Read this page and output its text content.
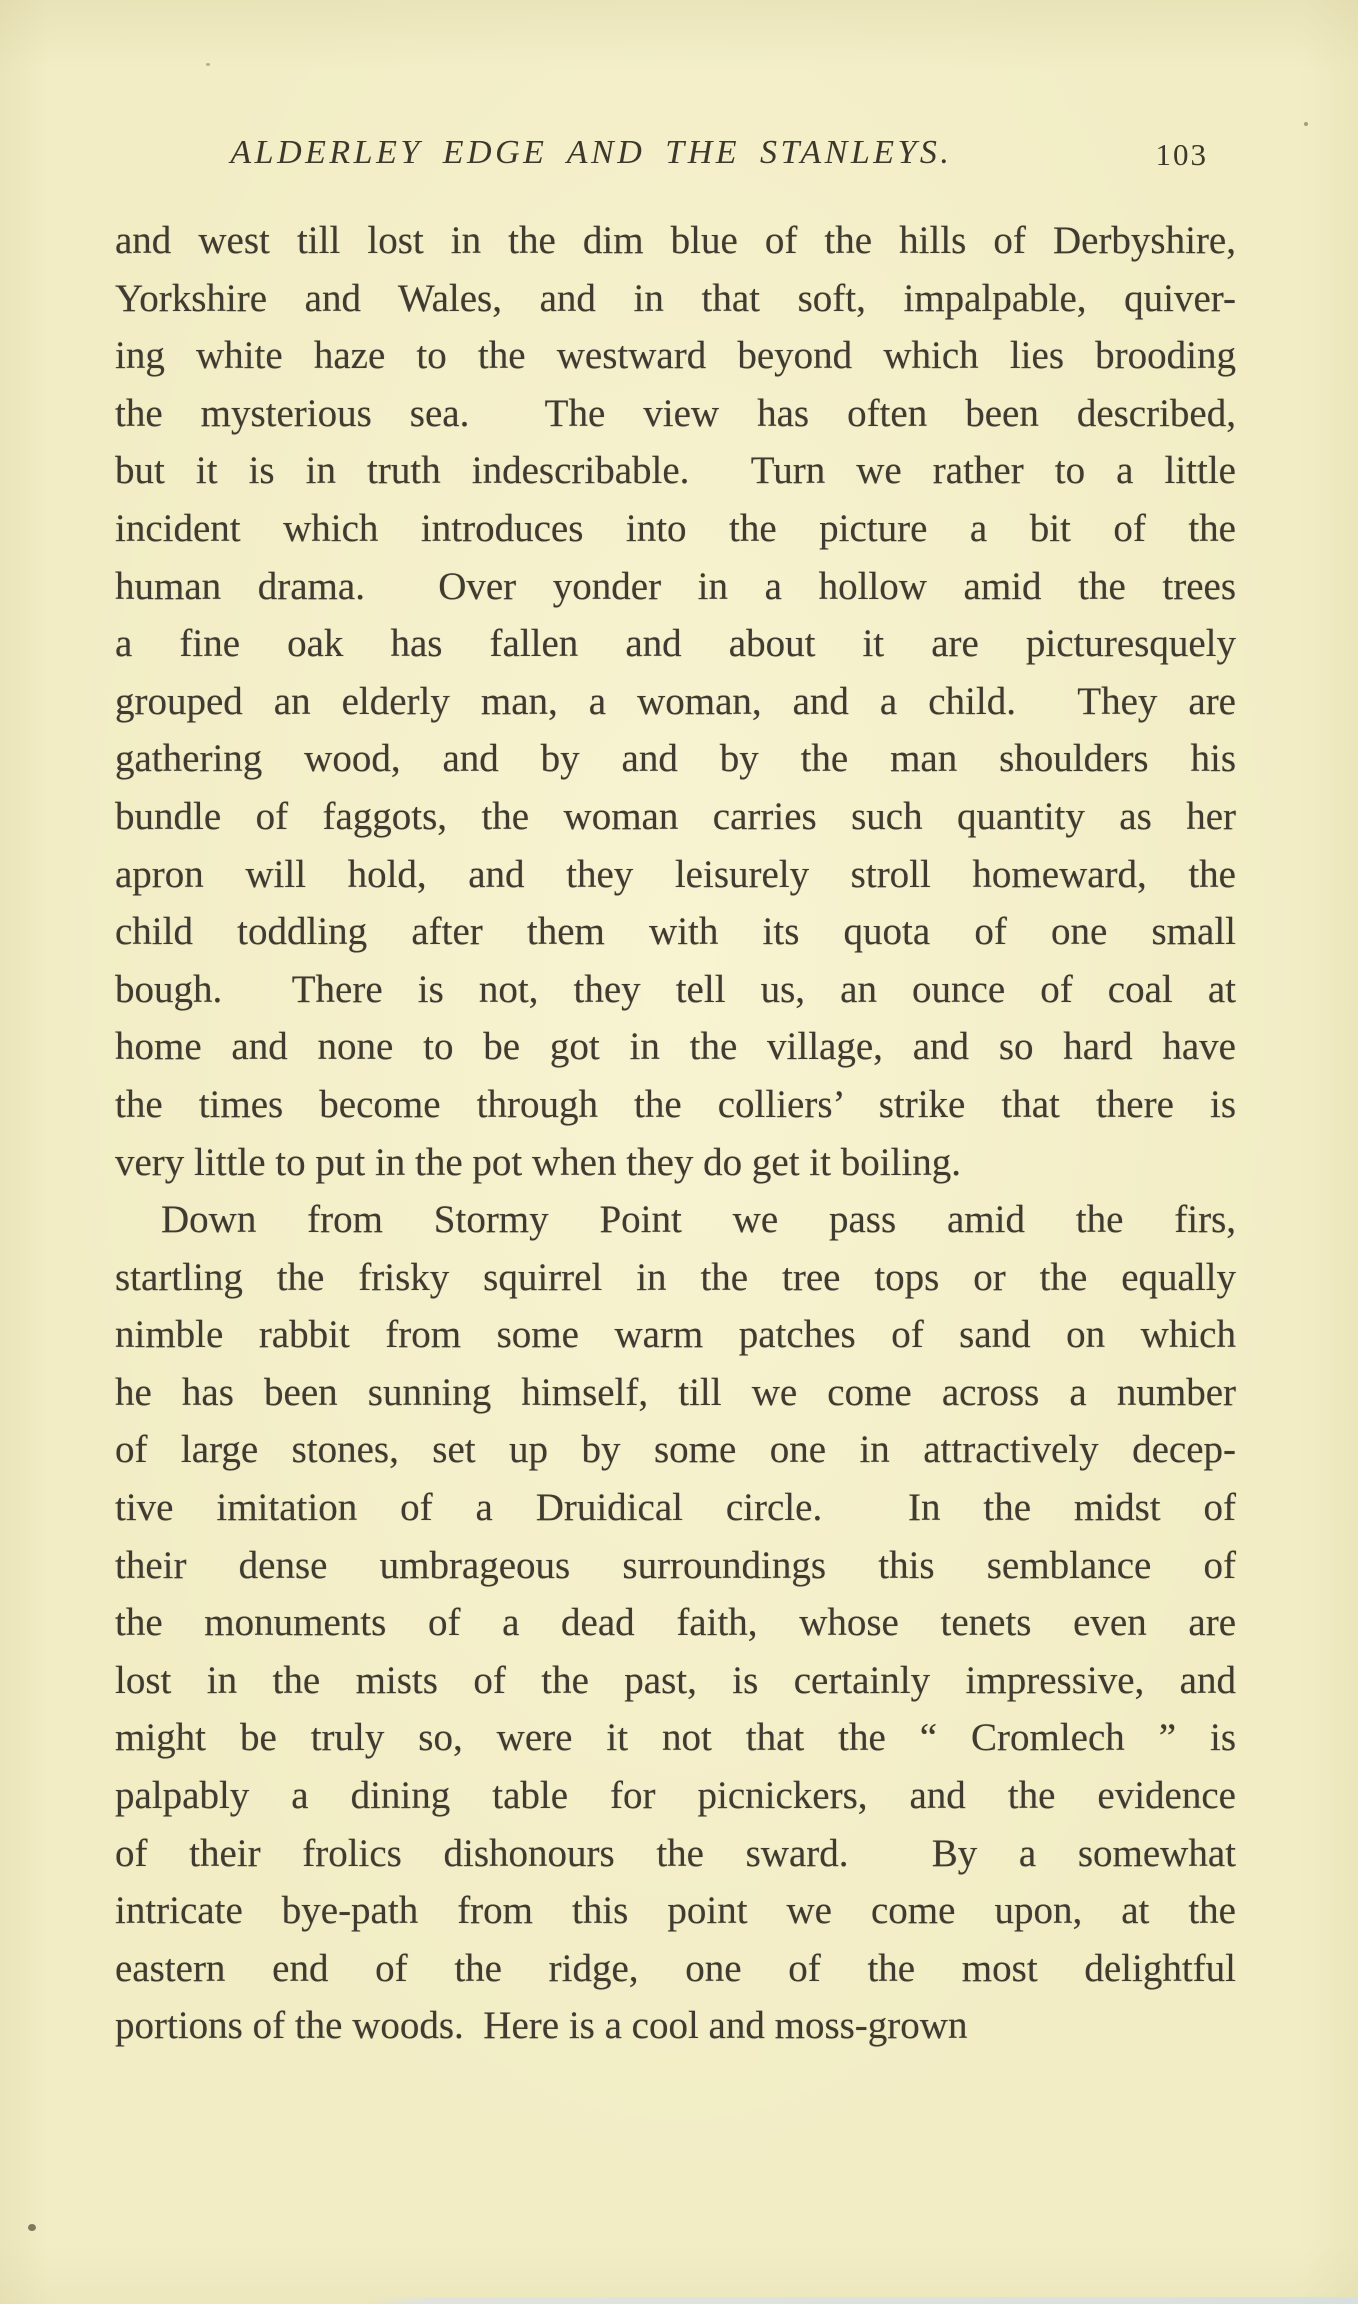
ALDERLEY EDGE AND THE STANLEYS.	103
and west till lost in the dim blue of the hills of Derbyshire,
Yorkshire and Wales, and in that soft, impalpable, quiver-
ing white haze to the westward beyond which lies brooding
the mysterious sea.  The view has often been described,
but it is in truth indescribable.  Turn we rather to a little
incident which introduces into the picture a bit of the
human drama.  Over yonder in a hollow amid the trees
a fine oak has fallen and about it are picturesquely
grouped an elderly man, a woman, and a child.  They are
gathering wood, and by and by the man shoulders his
bundle of faggots, the woman carries such quantity as her
apron will hold, and they leisurely stroll homeward, the
child toddling after them with its quota of one small
bough.  There is not, they tell us, an ounce of coal at
home and none to be got in the village, and so hard have
the times become through the colliers’ strike that there is
very little to put in the pot when they do get it boiling.
Down from Stormy Point we pass amid the firs,
startling the frisky squirrel in the tree tops or the equally
nimble rabbit from some warm patches of sand on which
he has been sunning himself, till we come across a number
of large stones, set up by some one in attractively decep-
tive imitation of a Druidical circle.  In the midst of
their dense umbrageous surroundings this semblance of
the monuments of a dead faith, whose tenets even are
lost in the mists of the past, is certainly impressive, and
might be truly so, were it not that the “ Cromlech ” is
palpably a dining table for picnickers, and the evidence
of their frolics dishonours the sward.  By a somewhat
intricate bye-path from this point we come upon, at the
eastern end of the ridge, one of the most delightful
portions of the woods.  Here is a cool and moss-grown
